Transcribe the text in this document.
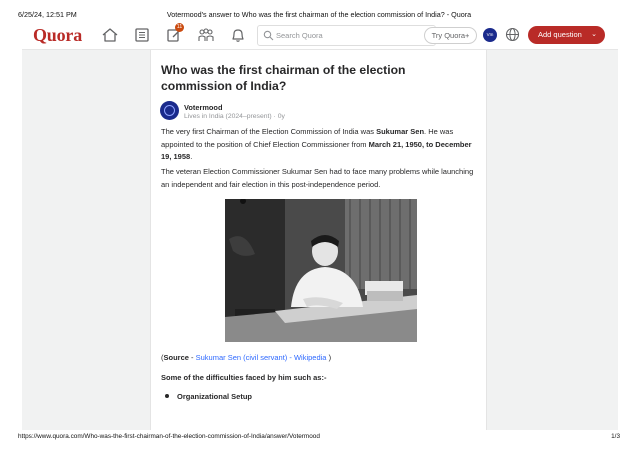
6/25/24, 12:51 PM	Votermood's answer to Who was the first chairman of the election commission of India? - Quora
Quora	11
Search Quora
Try Quora+	Vm	Add question ⌄
Who was the first chairman of the election commission of India?
Votermood
Lives in India (2024–present) · 0y
The very first Chairman of the Election Commission of India was Sukumar Sen. He was appointed to the position of Chief Election Commissioner from March 21, 1950, to December 19, 1958.
The veteran Election Commissioner Sukumar Sen had to face many problems while launching an independent and fair election in this post-independence period.
(Source - Sukumar Sen (civil servant) - Wikipedia )
Some of the difficulties faced by him such as:-
Organizational Setup
https://www.quora.com/Who-was-the-first-chairman-of-the-election-commission-of-India/answer/Votermood	1/3
